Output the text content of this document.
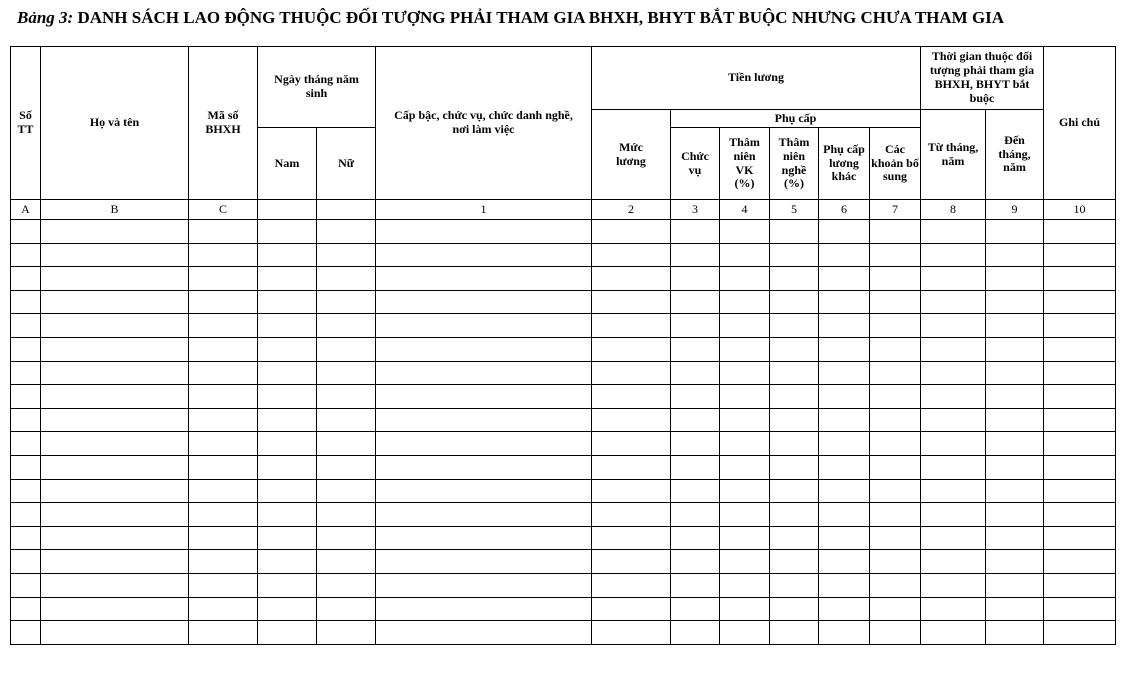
Bảng 3: DANH SÁCH LAO ĐỘNG THUỘC ĐỐI TƯỢNG PHẢI THAM GIA BHXH, BHYT BẮT BUỘC NHƯNG CHƯA THAM GIA
Số TT	Họ và tên	Mã số BHXH	Ngày tháng năm sinh		Cấp bậc, chức vụ, chức danh nghề, nơi làm việc	Tiền lương						Thời gian thuộc đối tượng phải tham gia BHXH, BHYT bắt buộc		Ghi chú

						Mức lương	Phụ cấp					Từ tháng, năm	Đến tháng, năm	

			Nam	Nữ			Chức vụ	Thâm niên VK (%)	Thâm niên nghề (%)	Phụ cấp lương khác	Các khoản bổ sung			

A	B	C			1	2	3	4	5	6	7	8	9	10
